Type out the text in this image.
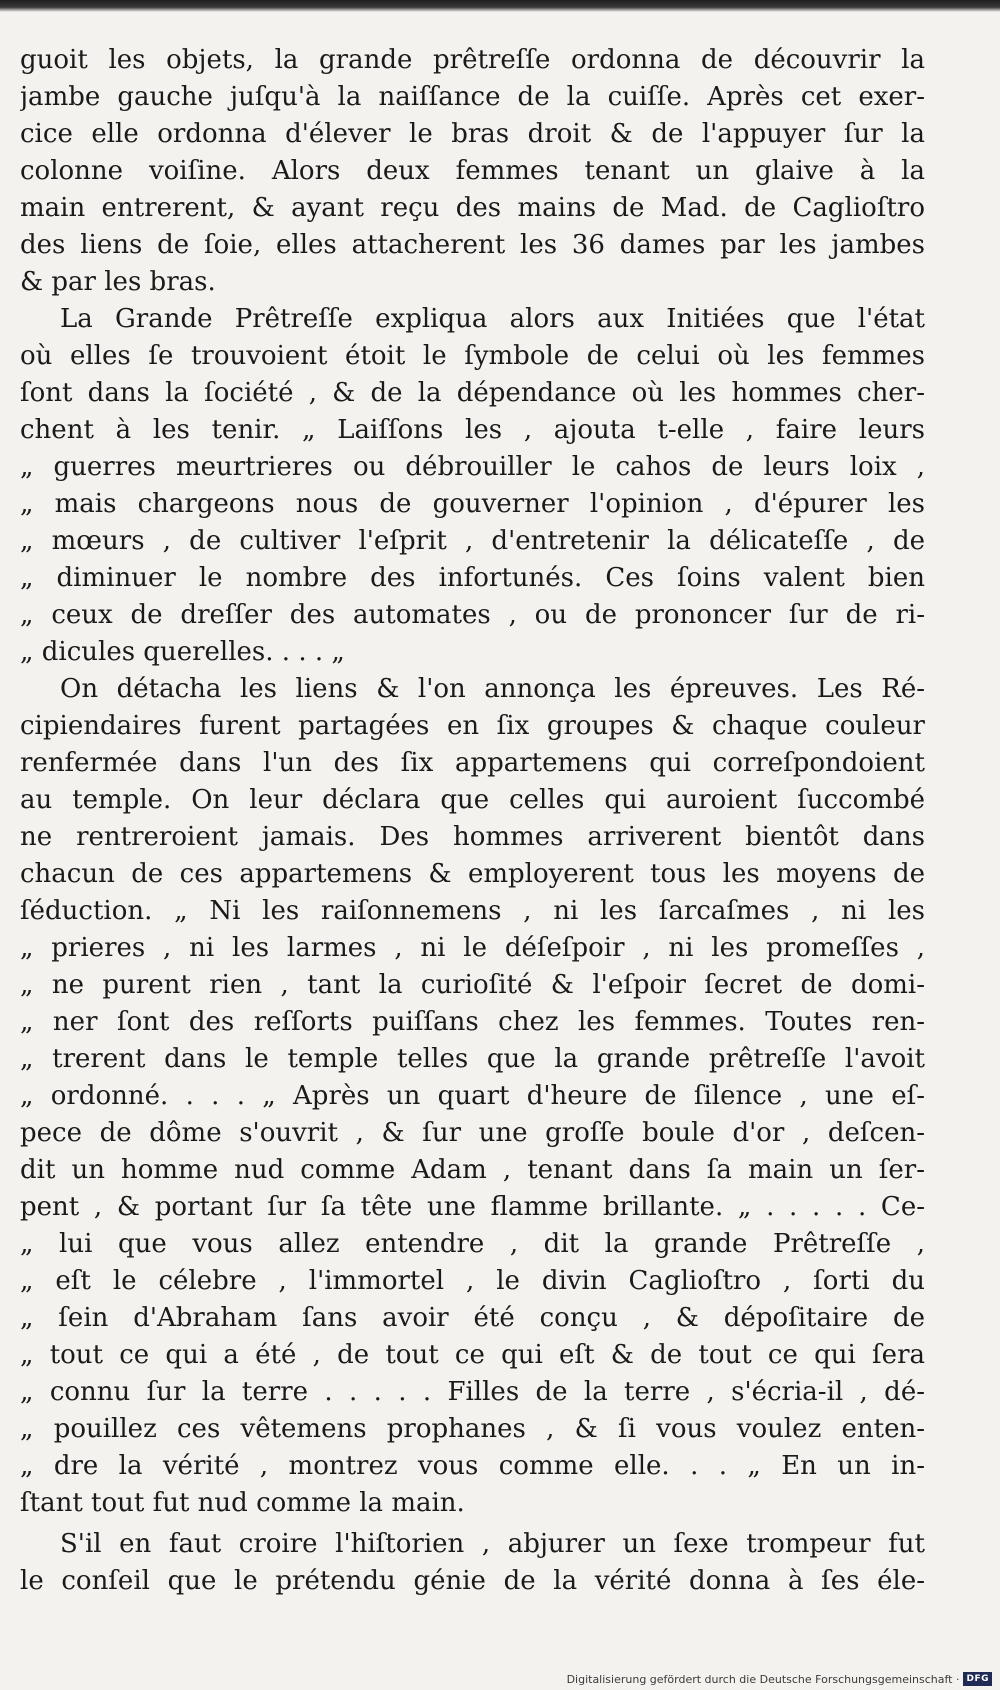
guoit les objets, la grande prêtreſſe ordonna de découvrir la
jambe gauche juſqu'à la naiſſance de la cuiſſe. Après cet exer-
cice elle ordonna d'élever le bras droit & de l'appuyer ſur la
colonne voiſine. Alors deux femmes tenant un glaive à la
main entrerent, & ayant reçu des mains de Mad. de Caglioſtro
des liens de ſoie, elles attacherent les 36 dames par les jambes
& par les bras.
La Grande Prêtreſſe expliqua alors aux Initiées que l'état
où elles ſe trouvoient étoit le ſymbole de celui où les femmes
ſont dans la ſociété , & de la dépendance où les hommes cher-
chent à les tenir. „ Laiſſons les , ajouta t-elle , faire leurs
„ guerres meurtrieres ou débrouiller le cahos de leurs loix ,
„ mais chargeons nous de gouverner l'opinion , d'épurer les
„ mœurs , de cultiver l'eſprit , d'entretenir la délicateſſe , de
„ diminuer le nombre des infortunés. Ces ſoins valent bien
„ ceux de dreſſer des automates , ou de prononcer ſur de ri-
„ dicules querelles. . . . „
On détacha les liens & l'on annonça les épreuves. Les Ré-
cipiendaires furent partagées en ſix groupes & chaque couleur
renfermée dans l'un des ſix appartemens qui correſpondoient
au temple. On leur déclara que celles qui auroient ſuccombé
ne rentreroient jamais. Des hommes arriverent bientôt dans
chacun de ces appartemens & employerent tous les moyens de
ſéduction. „ Ni les raiſonnemens , ni les ſarcaſmes , ni les
„ prieres , ni les larmes , ni le déſeſpoir , ni les promeſſes ,
„ ne purent rien , tant la curioſité & l'eſpoir ſecret de domi-
„ ner ſont des reſſorts puiſſans chez les femmes. Toutes ren-
„ trerent dans le temple telles que la grande prêtreſſe l'avoit
„ ordonné. . . . „ Après un quart d'heure de ſilence , une eſ-
pece de dôme s'ouvrit , & ſur une groſſe boule d'or , deſcen-
dit un homme nud comme Adam , tenant dans ſa main un ſer-
pent , & portant ſur ſa tête une flamme brillante. „ . . . . . Ce-
„ lui que vous allez entendre , dit la grande Prêtreſſe ,
„ eſt le célebre , l'immortel , le divin Caglioſtro , ſorti du
„ ſein d'Abraham ſans avoir été conçu , & dépoſitaire de
„ tout ce qui a été , de tout ce qui eſt & de tout ce qui ſera
„ connu ſur la terre . . . . . Filles de la terre , s'écria-il , dé-
„ pouillez ces vêtemens prophanes , & ſi vous voulez enten-
„ dre la vérité , montrez vous comme elle. . . „ En un in-
ſtant tout fut nud comme la main.
S'il en faut croire l'hiſtorien , abjurer un ſexe trompeur fut
le conſeil que le prétendu génie de la vérité donna à ſes éle-
Digitalisierung gefördert durch die Deutsche Forschungsgemeinschaft · DFG
